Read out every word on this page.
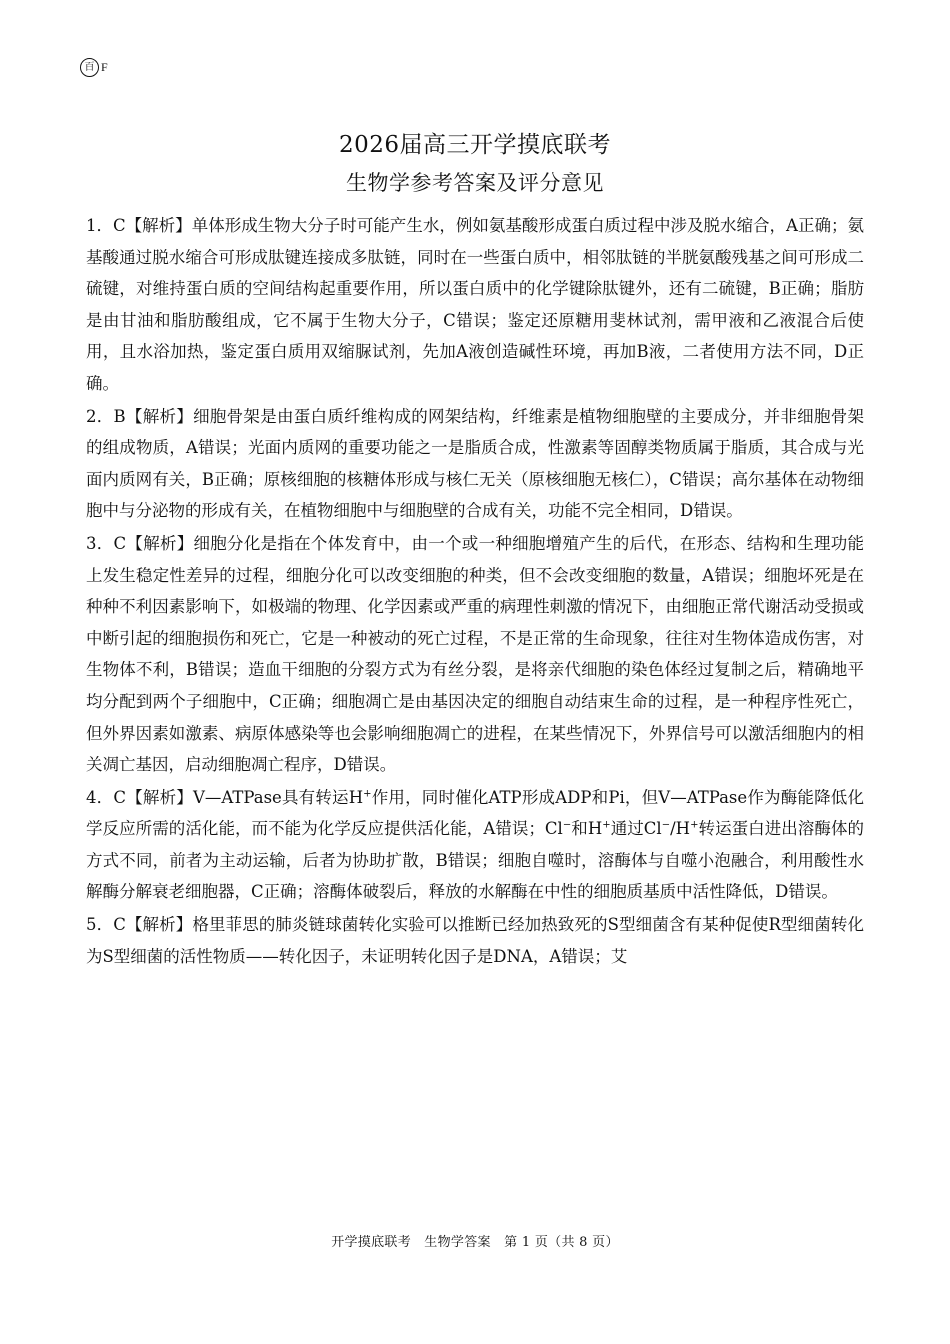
百 F
2026届高三开学摸底联考
生物学参考答案及评分意见

1．C【解析】单体形成生物大分子时可能产生水，例如氨基酸形成蛋白质过程中涉及脱水缩合，A正确；氨基酸通过脱水缩合可形成肽键连接成多肽链，同时在一些蛋白质中，相邻肽链的半胱氨酸残基之间可形成二硫键，对维持蛋白质的空间结构起重要作用，所以蛋白质中的化学键除肽键外，还有二硫键，B正确；脂肪是由甘油和脂肪酸组成，它不属于生物大分子，C错误；鉴定还原糖用斐林试剂，需甲液和乙液混合后使用，且水浴加热，鉴定蛋白质用双缩脲试剂，先加A液创造碱性环境，再加B液，二者使用方法不同，D正确。

2．B【解析】细胞骨架是由蛋白质纤维构成的网架结构，纤维素是植物细胞壁的主要成分，并非细胞骨架的组成物质，A错误；光面内质网的重要功能之一是脂质合成，性激素等固醇类物质属于脂质，其合成与光面内质网有关，B正确；原核细胞的核糖体形成与核仁无关（原核细胞无核仁），C错误；高尔基体在动物细胞中与分泌物的形成有关，在植物细胞中与细胞壁的合成有关，功能不完全相同，D错误。

3．C【解析】细胞分化是指在个体发育中，由一个或一种细胞增殖产生的后代，在形态、结构和生理功能上发生稳定性差异的过程，细胞分化可以改变细胞的种类，但不会改变细胞的数量，A错误；细胞坏死是在种种不利因素影响下，如极端的物理、化学因素或严重的病理性刺激的情况下，由细胞正常代谢活动受损或中断引起的细胞损伤和死亡，它是一种被动的死亡过程，不是正常的生命现象，往往对生物体造成伤害，对生物体不利，B错误；造血干细胞的分裂方式为有丝分裂，是将亲代细胞的染色体经过复制之后，精确地平均分配到两个子细胞中，C正确；细胞凋亡是由基因决定的细胞自动结束生命的过程，是一种程序性死亡，但外界因素如激素、病原体感染等也会影响细胞凋亡的进程，在某些情况下，外界信号可以激活细胞内的相关凋亡基因，启动细胞凋亡程序，D错误。

4．C【解析】V—ATPase具有转运H+作用，同时催化ATP形成ADP和Pi，但V—ATPase作为酶能降低化学反应所需的活化能，而不能为化学反应提供活化能，A错误；Cl−和H+通过Cl−/H+转运蛋白进出溶酶体的方式不同，前者为主动运输，后者为协助扩散，B错误；细胞自噬时，溶酶体与自噬小泡融合，利用酸性水解酶分解衰老细胞器，C正确；溶酶体破裂后，释放的水解酶在中性的细胞质基质中活性降低，D错误。

5．C【解析】格里菲思的肺炎链球菌转化实验可以推断已经加热致死的S型细菌含有某种促使R型细菌转化为S型细菌的活性物质——转化因子，未证明转化因子是DNA，A错误；艾

开学摸底联考　生物学答案　第 1 页（共 8 页）
